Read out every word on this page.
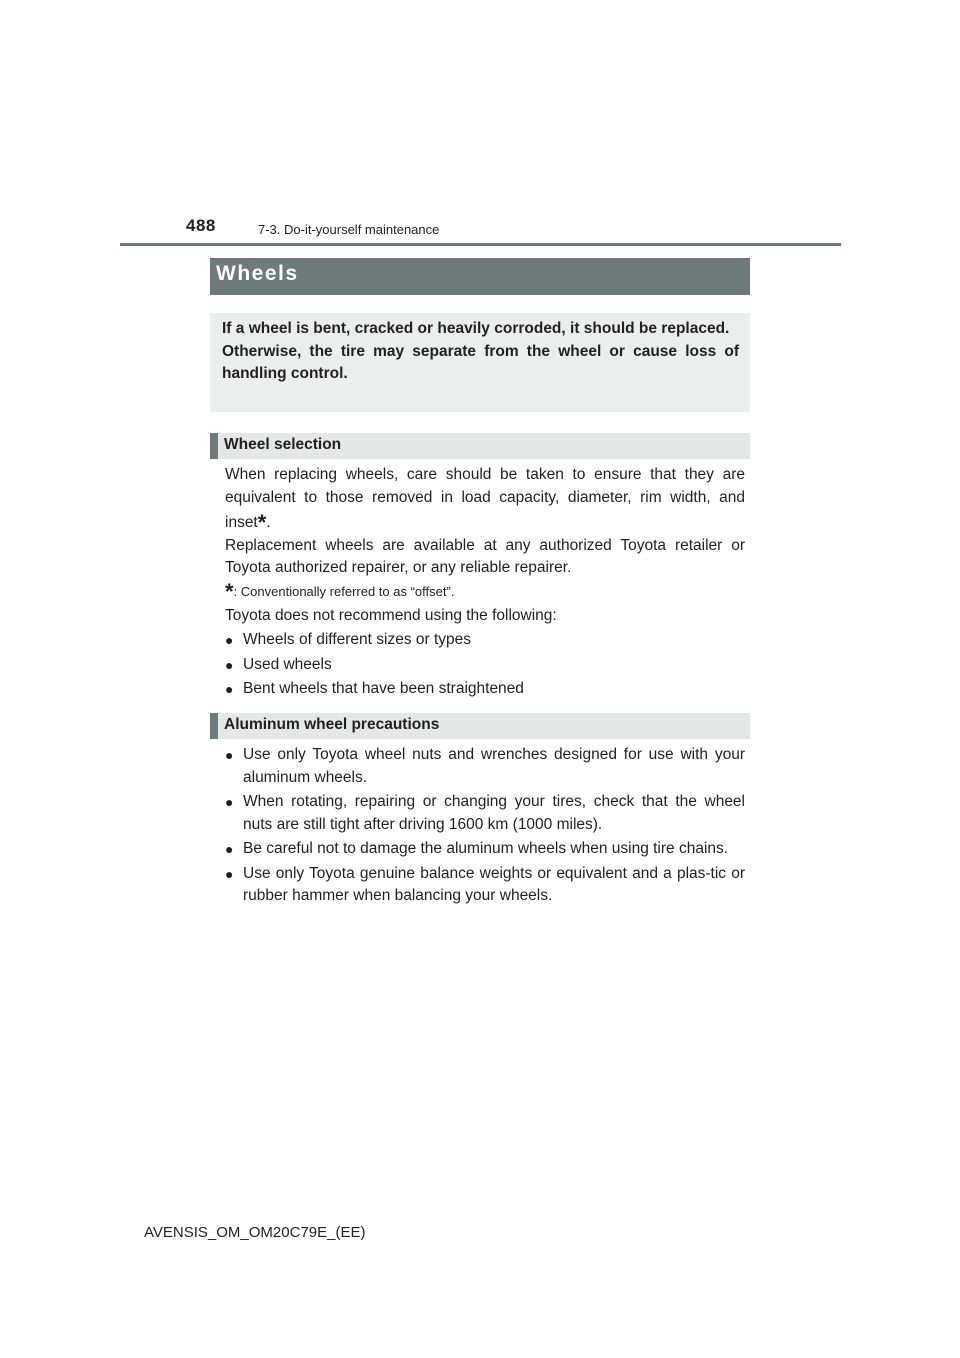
488	7-3. Do-it-yourself maintenance
Wheels

If a wheel is bent, cracked or heavily corroded, it should be replaced.

Otherwise, the tire may separate from the wheel or cause loss of handling control.

Wheel selection

When replacing wheels, care should be taken to ensure that they are equivalent to those removed in load capacity, diameter, rim width, and inset*.

Replacement wheels are available at any authorized Toyota retailer or Toyota authorized repairer, or any reliable repairer.

*: Conventionally referred to as “offset”.
Toyota does not recommend using the following:
● Wheels of different sizes or types
● Used wheels
● Bent wheels that have been straightened
Aluminum wheel precautions
● Use only Toyota wheel nuts and wrenches designed for use with your aluminum wheels.
● When rotating, repairing or changing your tires, check that the wheel nuts are still tight after driving 1600 km (1000 miles).
● Be careful not to damage the aluminum wheels when using tire chains.
● Use only Toyota genuine balance weights or equivalent and a plas-tic or rubber hammer when balancing your wheels.
AVENSIS_OM_OM20C79E_(EE)
